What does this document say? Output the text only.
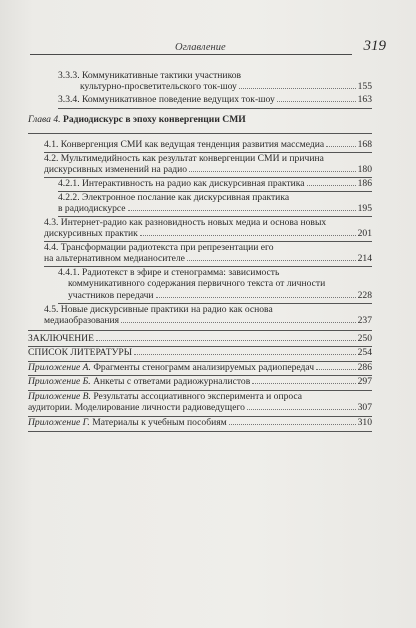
Оглавление	319
3.3.3. Коммуникативные тактики участников
культурно-просветительского ток-шоу	155
3.3.4. Коммуникативное поведение ведущих ток-шоу	163
Глава 4. Радиодискурс в эпоху конвергенции СМИ
4.1. Конвергенция СМИ как ведущая тенденция развития массмедиа	168
4.2. Мультимедийность как результат конвергенции СМИ и причина
дискурсивных изменений на радио	180
4.2.1. Интерактивность на радио как дискурсивная практика	186
4.2.2. Электронное послание как дискурсивная практика
в радиодискурсе	195
4.3. Интернет-радио как разновидность новых медиа и основа новых
дискурсивных практик	201
4.4. Трансформации радиотекста при репрезентации его
на альтернативном медианосителе	214
4.4.1. Радиотекст в эфире и стенограмма: зависимость
коммуникативного содержания первичного текста от личности
участников передачи	228
4.5. Новые дискурсивные практики на радио как основа
медиаобразования	237

ЗАКЛЮЧЕНИЕ	250
СПИСОК ЛИТЕРАТУРЫ	254
Приложение А. Фрагменты стенограмм анализируемых радиопередач	286
Приложение Б. Анкеты с ответами радиожурналистов	297
Приложение В. Результаты ассоциативного эксперимента и опроса
аудитории. Моделирование личности радиоведущего	307
Приложение Г. Материалы к учебным пособиям	310
